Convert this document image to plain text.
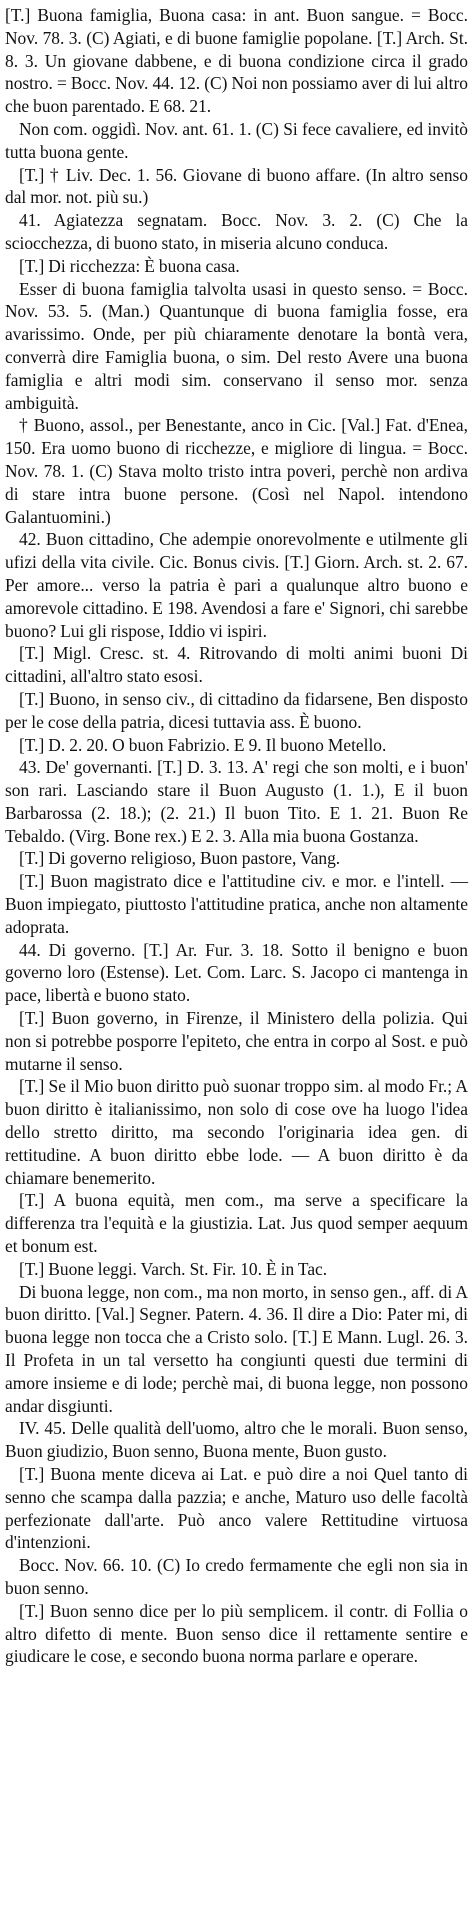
[T.] Buona famiglia, Buona casa: in ant. Buon sangue. = Bocc. Nov. 78. 3. (C) Agiati, e di buone famiglie popolane. [T.] Arch. St. 8. 3. Un giovane dabbene, e di buona condizione circa il grado nostro. = Bocc. Nov. 44. 12. (C) Noi non possiamo aver di lui altro che buon parentado. E 68. 21.

Non com. oggidì. Nov. ant. 61. 1. (C) Si fece cavaliere, ed invitò tutta buona gente.

[T.] † Liv. Dec. 1. 56. Giovane di buono affare. (In altro senso dal mor. not. più su.)

41. Agiatezza segnatam. Bocc. Nov. 3. 2. (C) Che la sciocchezza, di buono stato, in miseria alcuno conduca.

[T.] Di ricchezza: È buona casa.

Esser di buona famiglia talvolta usasi in questo senso. = Bocc. Nov. 53. 5. (Man.) Quantunque di buona famiglia fosse, era avarissimo. Onde, per più chiaramente denotare la bontà vera, converrà dire Famiglia buona, o sim. Del resto Avere una buona famiglia e altri modi sim. conservano il senso mor. senza ambiguità.

† Buono, assol., per Benestante, anco in Cic. [Val.] Fat. d'Enea, 150. Era uomo buono di ricchezze, e migliore di lingua. = Bocc. Nov. 78. 1. (C) Stava molto tristo intra poveri, perchè non ardiva di stare intra buone persone. (Così nel Napol. intendono Galantuomini.)

42. Buon cittadino, Che adempie onorevolmente e utilmente gli ufizi della vita civile. Cic. Bonus civis. [T.] Giorn. Arch. st. 2. 67. Per amore... verso la patria è pari a qualunque altro buono e amorevole cittadino. E 198. Avendosi a fare e' Signori, chi sarebbe buono? Lui gli rispose, Iddio vi ispiri.

[T.] Migl. Cresc. st. 4. Ritrovando di molti animi buoni Di cittadini, all'altro stato esosi.

[T.] Buono, in senso civ., di cittadino da fidarsene, Ben disposto per le cose della patria, dicesi tuttavia ass. È buono.

[T.] D. 2. 20. O buon Fabrizio. E 9. Il buono Metello.

43. De' governanti. [T.] D. 3. 13. A' regi che son molti, e i buon' son rari. Lasciando stare il Buon Augusto (1. 1.), E il buon Barbarossa (2. 18.); (2. 21.) Il buon Tito. E 1. 21. Buon Re Tebaldo. (Virg. Bone rex.) E 2. 3. Alla mia buona Gostanza.

[T.] Di governo religioso, Buon pastore, Vang.

[T.] Buon magistrato dice e l'attitudine civ. e mor. e l'intell. — Buon impiegato, piuttosto l'attitudine pratica, anche non altamente adoprata.

44. Di governo. [T.] Ar. Fur. 3. 18. Sotto il benigno e buon governo loro (Estense). Let. Com. Larc. S. Jacopo ci mantenga in pace, libertà e buono stato.

[T.] Buon governo, in Firenze, il Ministero della polizia. Qui non si potrebbe posporre l'epiteto, che entra in corpo al Sost. e può mutarne il senso.

[T.] Se il Mio buon diritto può suonar troppo sim. al modo Fr.; A buon diritto è italianissimo, non solo di cose ove ha luogo l'idea dello stretto diritto, ma secondo l'originaria idea gen. di rettitudine. A buon diritto ebbe lode. — A buon diritto è da chiamare benemerito.

[T.] A buona equità, men com., ma serve a specificare la differenza tra l'equità e la giustizia. Lat. Jus quod semper aequum et bonum est.

[T.] Buone leggi. Varch. St. Fir. 10. È in Tac.

Di buona legge, non com., ma non morto, in senso gen., aff. di A buon diritto. [Val.] Segner. Patern. 4. 36. Il dire a Dio: Pater mi, di buona legge non tocca che a Cristo solo. [T.] E Mann. Lugl. 26. 3. Il Profeta in un tal versetto ha congiunti questi due termini di amore insieme e di lode; perchè mai, di buona legge, non possono andar disgiunti.

IV. 45. Delle qualità dell'uomo, altro che le morali. Buon senso, Buon giudizio, Buon senno, Buona mente, Buon gusto.

[T.] Buona mente diceva ai Lat. e può dire a noi Quel tanto di senno che scampa dalla pazzia; e anche, Maturo uso delle facoltà perfezionate dall'arte. Può anco valere Rettitudine virtuosa d'intenzioni.

Bocc. Nov. 66. 10. (C) Io credo fermamente che egli non sia in buon senno.

[T.] Buon senno dice per lo più semplicem. il contr. di Follia o altro difetto di mente. Buon senso dice il rettamente sentire e giudicare le cose, e secondo buona norma parlare e operare.
